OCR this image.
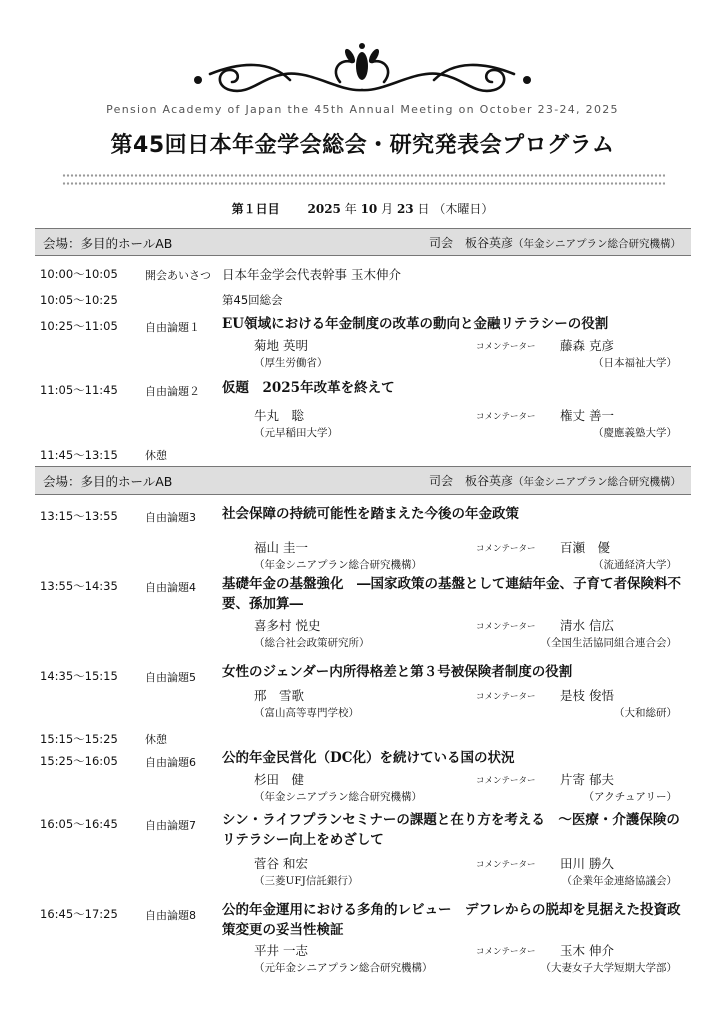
Pension Academy of Japan the 45th Annual Meeting on October 23-24, 2025
第45回日本年金学会総会・研究発表会プログラム
第１日目　　 2025 年 10 月 23 日 （木曜日）
会場：多目的ホールAB	司会　板谷英彦（年金シニアプラン総合研究機構）
10:00〜10:05 開会あいさつ 日本年金学会代表幹事 玉木伸介
10:05〜10:25	第45回総会
10:25〜11:05 自由論題１ EU領域における年金制度の改革の動向と金融リテラシーの役割
菊地 英明	コメンテーター 藤森 克彦
（厚生労働省）	（日本福祉大学）
11:05〜11:45 自由論題２ 仮題　2025年改革を終えて
牛丸　聡	コメンテーター 権丈 善一
（元早稲田大学）	（慶應義塾大学）
11:45〜13:15 休憩
会場：多目的ホールAB	司会　板谷英彦（年金シニアプラン総合研究機構）
13:15〜13:55 自由論題3 社会保障の持続可能性を踏まえた今後の年金政策
福山 圭一	コメンテーター 百瀬　優
（年金シニアプラン総合研究機構）	（流通経済大学）
13:55〜14:35 自由論題4 基礎年金の基盤強化　―国家政策の基盤として連結年金、子育て者保険料不要、孫加算―
喜多村 悦史	コメンテーター 清水 信広
（総合社会政策研究所）	（全国生活協同組合連合会）
14:35〜15:15 自由論題5 女性のジェンダー内所得格差と第３号被保険者制度の役割
邢　雪歌	コメンテーター 是枝 俊悟
（富山高等専門学校）	（大和総研）
15:15〜15:25 休憩
15:25〜16:05 自由論題6 公的年金民営化（DC化）を続けている国の状況
杉田　健	コメンテーター 片寄 郁夫
（年金シニアプラン総合研究機構）	（アクチュアリー）
16:05〜16:45 自由論題7 シン・ライフプランセミナーの課題と在り方を考える　〜医療・介護保険のリテラシー向上をめざして
菅谷 和宏	コメンテーター 田川 勝久
（三菱UFJ信託銀行）	（企業年金連絡協議会）
16:45〜17:25 自由論題8 公的年金運用における多角的レビュー　デフレからの脱却を見据えた投資政策変更の妥当性検証
平井 一志	コメンテーター 玉木 伸介
（元年金シニアプラン総合研究機構）	（大妻女子大学短期大学部）
